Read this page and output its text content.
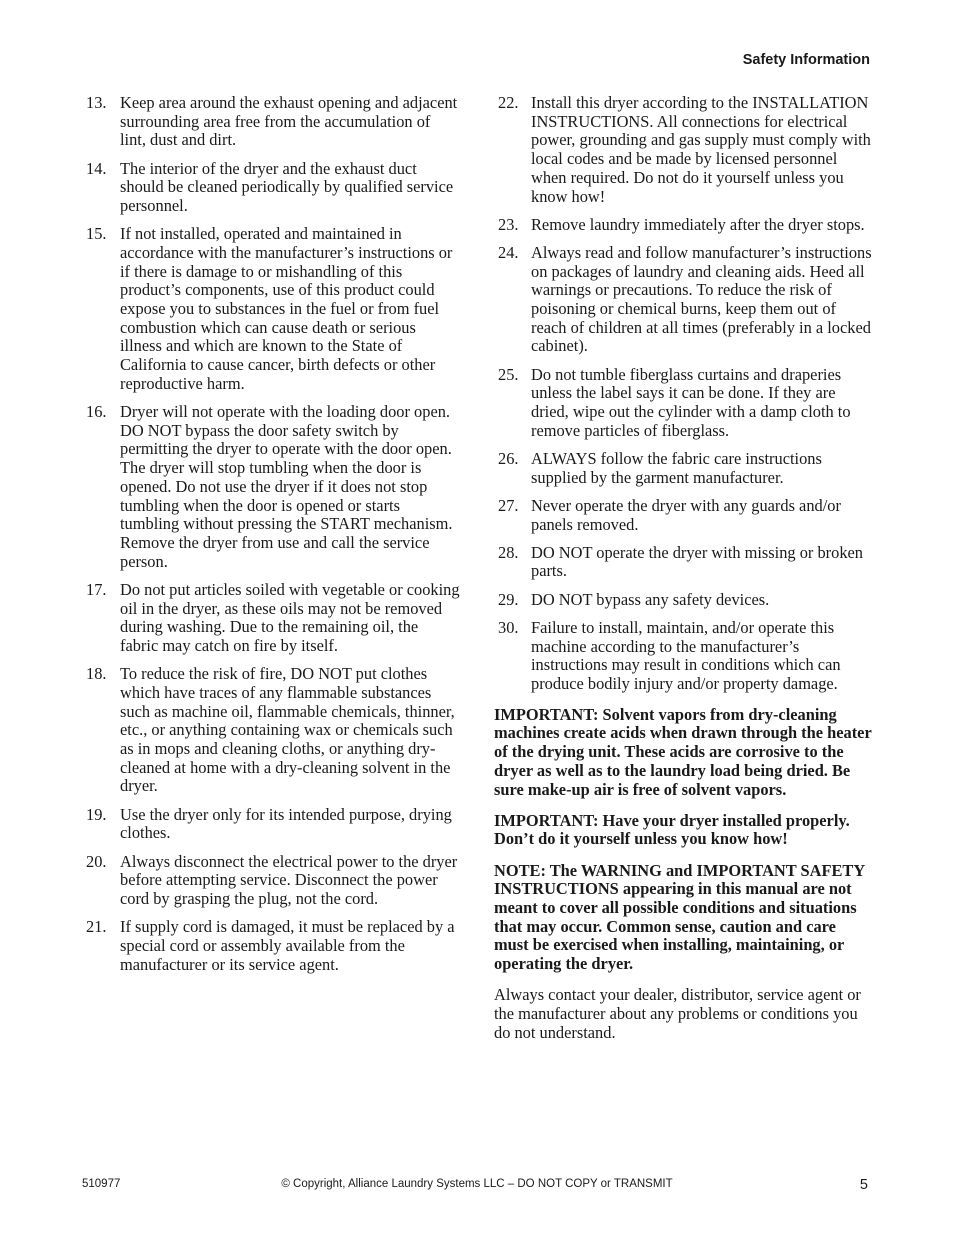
Safety Information
13. Keep area around the exhaust opening and adjacent surrounding area free from the accumulation of lint, dust and dirt.
14. The interior of the dryer and the exhaust duct should be cleaned periodically by qualified service personnel.
15. If not installed, operated and maintained in accordance with the manufacturer’s instructions or if there is damage to or mishandling of this product’s components, use of this product could expose you to substances in the fuel or from fuel combustion which can cause death or serious illness and which are known to the State of California to cause cancer, birth defects or other reproductive harm.
16. Dryer will not operate with the loading door open. DO NOT bypass the door safety switch by permitting the dryer to operate with the door open. The dryer will stop tumbling when the door is opened. Do not use the dryer if it does not stop tumbling when the door is opened or starts tumbling without pressing the START mechanism. Remove the dryer from use and call the service person.
17. Do not put articles soiled with vegetable or cooking oil in the dryer, as these oils may not be removed during washing. Due to the remaining oil, the fabric may catch on fire by itself.
18. To reduce the risk of fire, DO NOT put clothes which have traces of any flammable substances such as machine oil, flammable chemicals, thinner, etc., or anything containing wax or chemicals such as in mops and cleaning cloths, or anything dry-cleaned at home with a dry-cleaning solvent in the dryer.
19. Use the dryer only for its intended purpose, drying clothes.
20. Always disconnect the electrical power to the dryer before attempting service. Disconnect the power cord by grasping the plug, not the cord.
21. If supply cord is damaged, it must be replaced by a special cord or assembly available from the manufacturer or its service agent.
22. Install this dryer according to the INSTALLATION INSTRUCTIONS. All connections for electrical power, grounding and gas supply must comply with local codes and be made by licensed personnel when required. Do not do it yourself unless you know how!
23. Remove laundry immediately after the dryer stops.
24. Always read and follow manufacturer’s instructions on packages of laundry and cleaning aids. Heed all warnings or precautions. To reduce the risk of poisoning or chemical burns, keep them out of reach of children at all times (preferably in a locked cabinet).
25. Do not tumble fiberglass curtains and draperies unless the label says it can be done. If they are dried, wipe out the cylinder with a damp cloth to remove particles of fiberglass.
26. ALWAYS follow the fabric care instructions supplied by the garment manufacturer.
27. Never operate the dryer with any guards and/or panels removed.
28. DO NOT operate the dryer with missing or broken parts.
29. DO NOT bypass any safety devices.
30. Failure to install, maintain, and/or operate this machine according to the manufacturer’s instructions may result in conditions which can produce bodily injury and/or property damage.

IMPORTANT: Solvent vapors from dry-cleaning machines create acids when drawn through the heater of the drying unit. These acids are corrosive to the dryer as well as to the laundry load being dried. Be sure make-up air is free of solvent vapors.

IMPORTANT: Have your dryer installed properly. Don’t do it yourself unless you know how!

NOTE: The WARNING and IMPORTANT SAFETY INSTRUCTIONS appearing in this manual are not meant to cover all possible conditions and situations that may occur. Common sense, caution and care must be exercised when installing, maintaining, or operating the dryer.

Always contact your dealer, distributor, service agent or the manufacturer about any problems or conditions you do not understand.

© Copyright, Alliance Laundry Systems LLC – DO NOT COPY or TRANSMIT
510977	5
